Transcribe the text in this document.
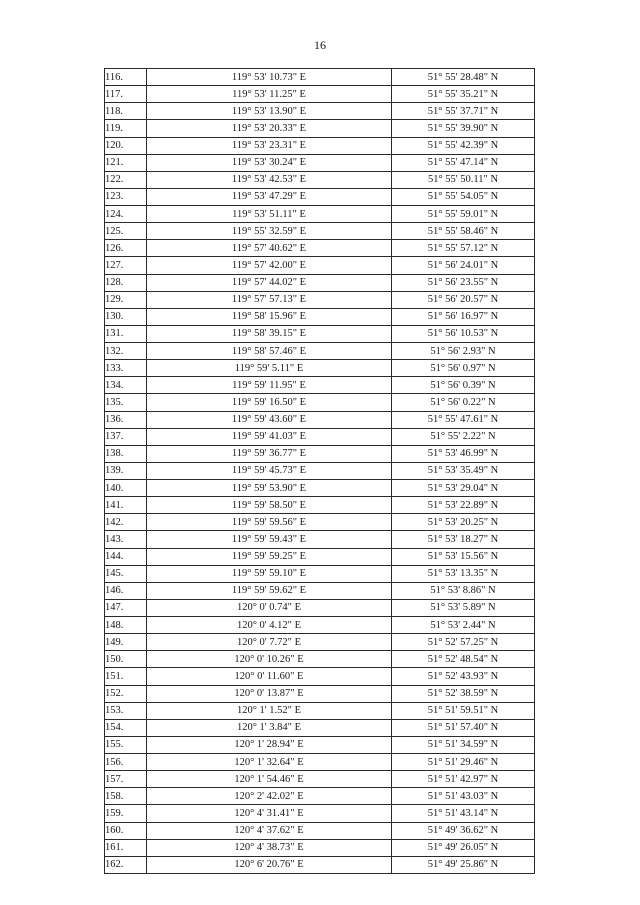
16
116.	119° 53' 10.73" E	51° 55' 28.48" N
117.	119° 53' 11.25" E	51° 55' 35.21" N
118.	119° 53' 13.90" E	51° 55' 37.71" N
119.	119° 53' 20.33" E	51° 55' 39.90" N
120.	119° 53' 23.31" E	51° 55' 42.39" N
121.	119° 53' 30.24" E	51° 55' 47.14" N
122.	119° 53' 42.53" E	51° 55' 50.11" N
123.	119° 53' 47.29" E	51° 55' 54.05" N
124.	119° 53' 51.11" E	51° 55' 59.01" N
125.	119° 55' 32.59" E	51° 55' 58.46" N
126.	119° 57' 40.62" E	51° 55' 57.12" N
127.	119° 57' 42.00" E	51° 56' 24.01" N
128.	119° 57' 44.02" E	51° 56' 23.55" N
129.	119° 57' 57.13" E	51° 56' 20.57" N
130.	119° 58' 15.96" E	51° 56' 16.97" N
131.	119° 58' 39.15" E	51° 56' 10.53" N
132.	119° 58' 57.46" E	51° 56' 2.93" N
133.	119° 59' 5.11" E	51° 56' 0.97" N
134.	119° 59' 11.95" E	51° 56' 0.39" N
135.	119° 59' 16.50" E	51° 56' 0.22" N
136.	119° 59' 43.60" E	51° 55' 47.61" N
137.	119° 59' 41.03" E	51° 55' 2.22" N
138.	119° 59' 36.77" E	51° 53' 46.99" N
139.	119° 59' 45.73" E	51° 53' 35.49" N
140.	119° 59' 53.90" E	51° 53' 29.04" N
141.	119° 59' 58.50" E	51° 53' 22.89" N
142.	119° 59' 59.56" E	51° 53' 20.25" N
143.	119° 59' 59.43" E	51° 53' 18.27" N
144.	119° 59' 59.25" E	51° 53' 15.56" N
145.	119° 59' 59.10" E	51° 53' 13.35" N
146.	119° 59' 59.62" E	51° 53' 8.86" N
147.	120° 0' 0.74" E	51° 53' 5.89" N
148.	120° 0' 4.12" E	51° 53' 2.44" N
149.	120° 0' 7.72" E	51° 52' 57.25" N
150.	120° 0' 10.26" E	51° 52' 48.54" N
151.	120° 0' 11.60" E	51° 52' 43.93" N
152.	120° 0' 13.87" E	51° 52' 38.59" N
153.	120° 1' 1.52" E	51° 51' 59.51" N
154.	120° 1' 3.84" E	51° 51' 57.40" N
155.	120° 1' 28.94" E	51° 51' 34.59" N
156.	120° 1' 32.64" E	51° 51' 29.46" N
157.	120° 1' 54.46" E	51° 51' 42.97" N
158.	120° 2' 42.02" E	51° 51' 43.03" N
159.	120° 4' 31.41" E	51° 51' 43.14" N
160.	120° 4' 37.62" E	51° 49' 36.62" N
161.	120° 4' 38.73" E	51° 49' 26.05" N
162.	120° 6' 20.76" E	51° 49' 25.86" N
